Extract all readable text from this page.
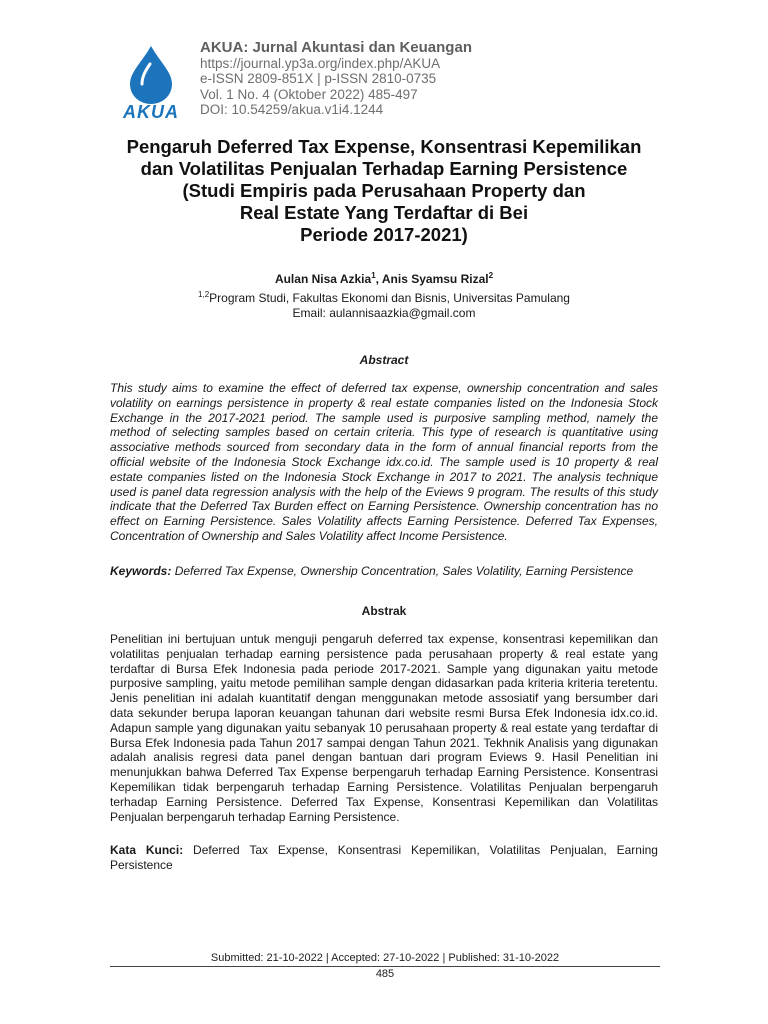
AKUA
AKUA: Jurnal Akuntasi dan Keuangan
https://journal.yp3a.org/index.php/AKUA
e-ISSN 2809-851X | p-ISSN 2810-0735
Vol. 1 No. 4 (Oktober 2022) 485-497
DOI: 10.54259/akua.v1i4.1244
Pengaruh Deferred Tax Expense, Konsentrasi Kepemilikan
dan Volatilitas Penjualan Terhadap Earning Persistence
(Studi Empiris pada Perusahaan Property dan
Real Estate Yang Terdaftar di Bei
Periode 2017-2021)
Aulan Nisa Azkia$^1$, Anis Syamsu Rizal$^2$
$^{1,2}$Program Studi, Fakultas Ekonomi dan Bisnis, Universitas Pamulang
Email: aulannisaazkia@gmail.com
Abstract
This study aims to examine the effect of deferred tax expense, ownership concentration and sales volatility on earnings persistence in property & real estate companies listed on the Indonesia Stock Exchange in the 2017-2021 period. The sample used is purposive sampling method, namely the method of selecting samples based on certain criteria. This type of research is quantitative using associative methods sourced from secondary data in the form of annual financial reports from the official website of the Indonesia Stock Exchange idx.co.id. The sample used is 10 property & real estate companies listed on the Indonesia Stock Exchange in 2017 to 2021. The analysis technique used is panel data regression analysis with the help of the Eviews 9 program. The results of this study indicate that the Deferred Tax Burden effect on Earning Persistence. Ownership concentration has no effect on Earning Persistence. Sales Volatility affects Earning Persistence. Deferred Tax Expenses, Concentration of Ownership and Sales Volatility affect Income Persistence.
Keywords: Deferred Tax Expense, Ownership Concentration, Sales Volatility, Earning Persistence
Abstrak
Penelitian ini bertujuan untuk menguji pengaruh deferred tax expense, konsentrasi kepemilikan dan volatilitas penjualan terhadap earning persistence pada perusahaan property & real estate yang terdaftar di Bursa Efek Indonesia pada periode 2017-2021. Sample yang digunakan yaitu metode purposive sampling, yaitu metode pemilihan sample dengan didasarkan pada kriteria kriteria teretentu. Jenis penelitian ini adalah kuantitatif dengan menggunakan metode assosiatif yang bersumber dari data sekunder berupa laporan keuangan tahunan dari website resmi Bursa Efek Indonesia idx.co.id. Adapun sample yang digunakan yaitu sebanyak 10 perusahaan property & real estate yang terdaftar di Bursa Efek Indonesia pada Tahun 2017 sampai dengan Tahun 2021. Tekhnik Analisis yang digunakan adalah analisis regresi data panel dengan bantuan dari program Eviews 9. Hasil Penelitian ini menunjukkan bahwa Deferred Tax Expense berpengaruh terhadap Earning Persistence. Konsentrasi Kepemilikan tidak berpengaruh terhadap Earning Persistence. Volatilitas Penjualan berpengaruh terhadap Earning Persistence. Deferred Tax Expense, Konsentrasi Kepemilikan dan Volatilitas Penjualan berpengaruh terhadap Earning Persistence.
Kata Kunci: Deferred Tax Expense, Konsentrasi Kepemilikan, Volatilitas Penjualan, Earning Persistence
Submitted: 21-10-2022 | Accepted: 27-10-2022 | Published: 31-10-2022
485
